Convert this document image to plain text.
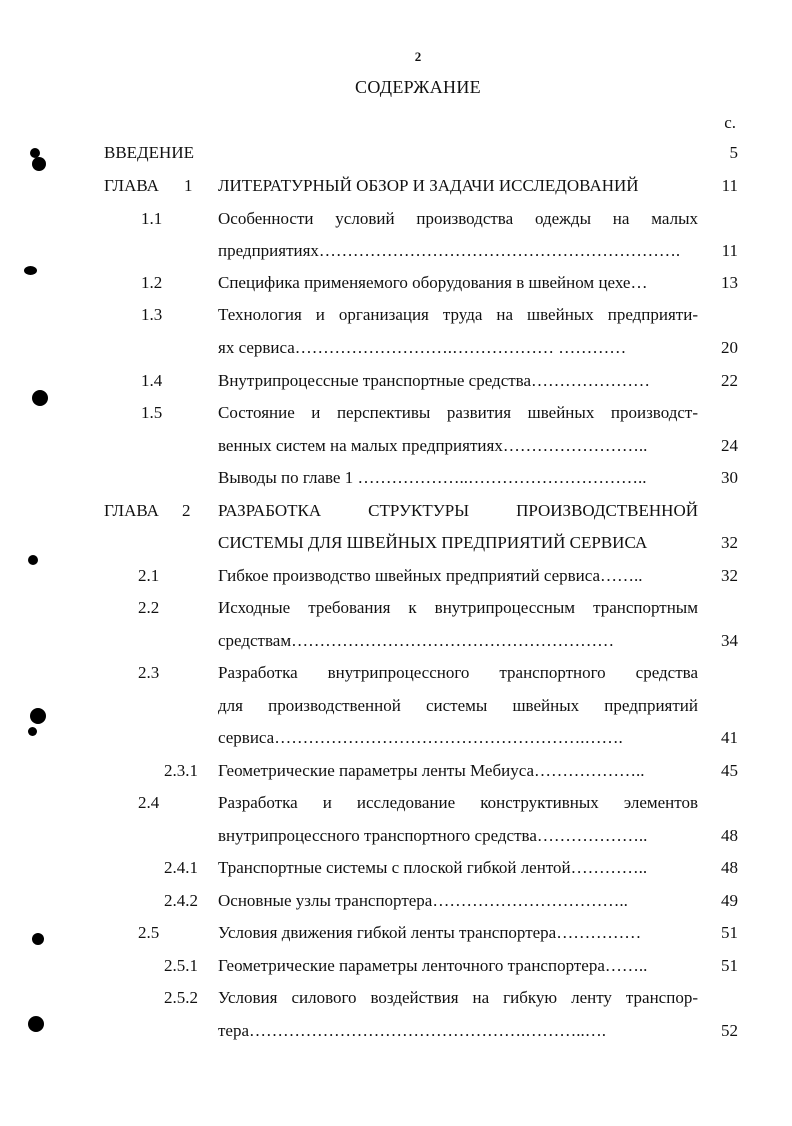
2
СОДЕРЖАНИЕ
с.
ВВЕДЕНИЕ	5
ГЛАВА 1 ЛИТЕРАТУРНЫЙ ОБЗОР И ЗАДАЧИ ИССЛЕДОВАНИЙ	11
1.1	Особенности условий производства одежды на малых
предприятиях……………………………………………………….	11
1.2	Специфика применяемого оборудования в швейном цехе…	13
1.3	Технология и организация труда на швейных предприяти-
ях сервиса……………………….……………… …………	20
1.4	Внутрипроцессные транспортные средства…………………	22
1.5	Состояние и перспективы развития швейных производст-
венных систем на малых предприятиях……………………..	24
Выводы по главе 1 ………………..…………………………..	30
ГЛАВА 2 РАЗРАБОТКА СТРУКТУРЫ ПРОИЗВОДСТВЕННОЙ
СИСТЕМЫ ДЛЯ ШВЕЙНЫХ ПРЕДПРИЯТИЙ СЕРВИСА	32
2.1	Гибкое производство швейных предприятий сервиса……..	32
2.2	Исходные требования к внутрипроцессным транспортным
средствам…………………………………………………	34
2.3	Разработка внутрипроцессного транспортного средства
для производственной системы швейных предприятий
сервиса……………………………………………….…….	41
2.3.1 Геометрические параметры ленты Мебиуса………………..	45
2.4	Разработка и исследование конструктивных элементов
внутрипроцессного транспортного средства………………..	48
2.4.1 Транспортные системы с плоской гибкой лентой…………..	48
2.4.2 Основные узлы транспортера……………………………..	49
2.5	Условия движения гибкой ленты транспортера……………	51
2.5.1 Геометрические параметры ленточного транспортера……..	51
2.5.2 Условия силового воздействия на гибкую ленту транспор-
тера………………………………………….………..….	52
